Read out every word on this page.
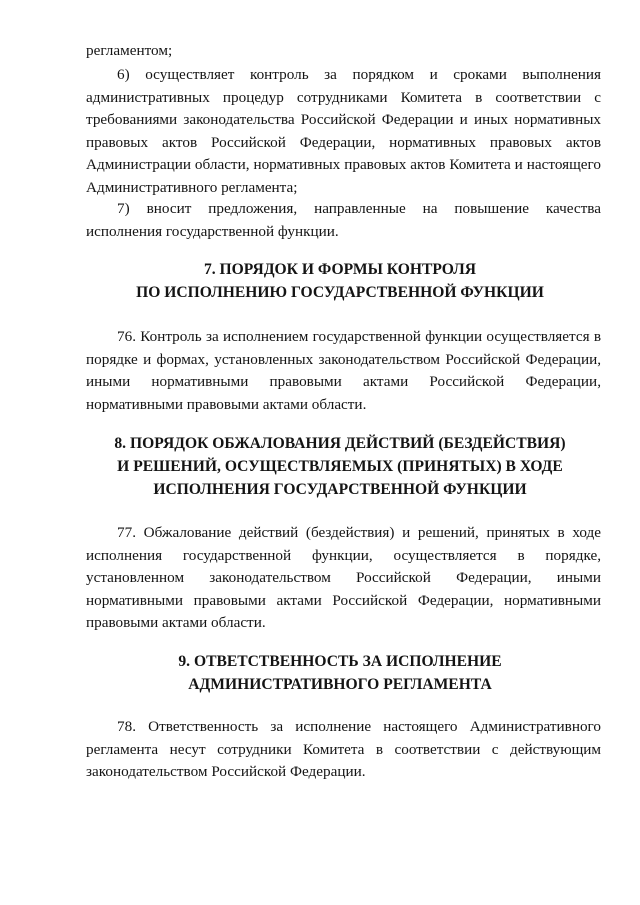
регламентом;

6) осуществляет контроль за порядком и сроками выполнения административных процедур сотрудниками Комитета в соответствии с требованиями законодательства Российской Федерации и иных нормативных правовых актов Российской Федерации, нормативных правовых актов Администрации области, нормативных правовых актов Комитета и настоящего Административного регламента;

7) вносит предложения, направленные на повышение качества исполнения государственной функции.

7. ПОРЯДОК И ФОРМЫ КОНТРОЛЯ
ПО ИСПОЛНЕНИЮ ГОСУДАРСТВЕННОЙ ФУНКЦИИ

76. Контроль за исполнением государственной функции осуществляется в порядке и формах, установленных законодательством Российской Федерации, иными нормативными правовыми актами Российской Федерации, нормативными правовыми актами области.

8. ПОРЯДОК ОБЖАЛОВАНИЯ ДЕЙСТВИЙ (БЕЗДЕЙСТВИЯ)
И РЕШЕНИЙ, ОСУЩЕСТВЛЯЕМЫХ (ПРИНЯТЫХ) В ХОДЕ
ИСПОЛНЕНИЯ ГОСУДАРСТВЕННОЙ ФУНКЦИИ

77. Обжалование действий (бездействия) и решений, принятых в ходе исполнения государственной функции, осуществляется в порядке, установленном законодательством Российской Федерации, иными нормативными правовыми актами Российской Федерации, нормативными правовыми актами области.

9. ОТВЕТСТВЕННОСТЬ ЗА ИСПОЛНЕНИЕ
АДМИНИСТРАТИВНОГО РЕГЛАМЕНТА

78. Ответственность за исполнение настоящего Административного регламента несут сотрудники Комитета в соответствии с действующим законодательством Российской Федерации.
